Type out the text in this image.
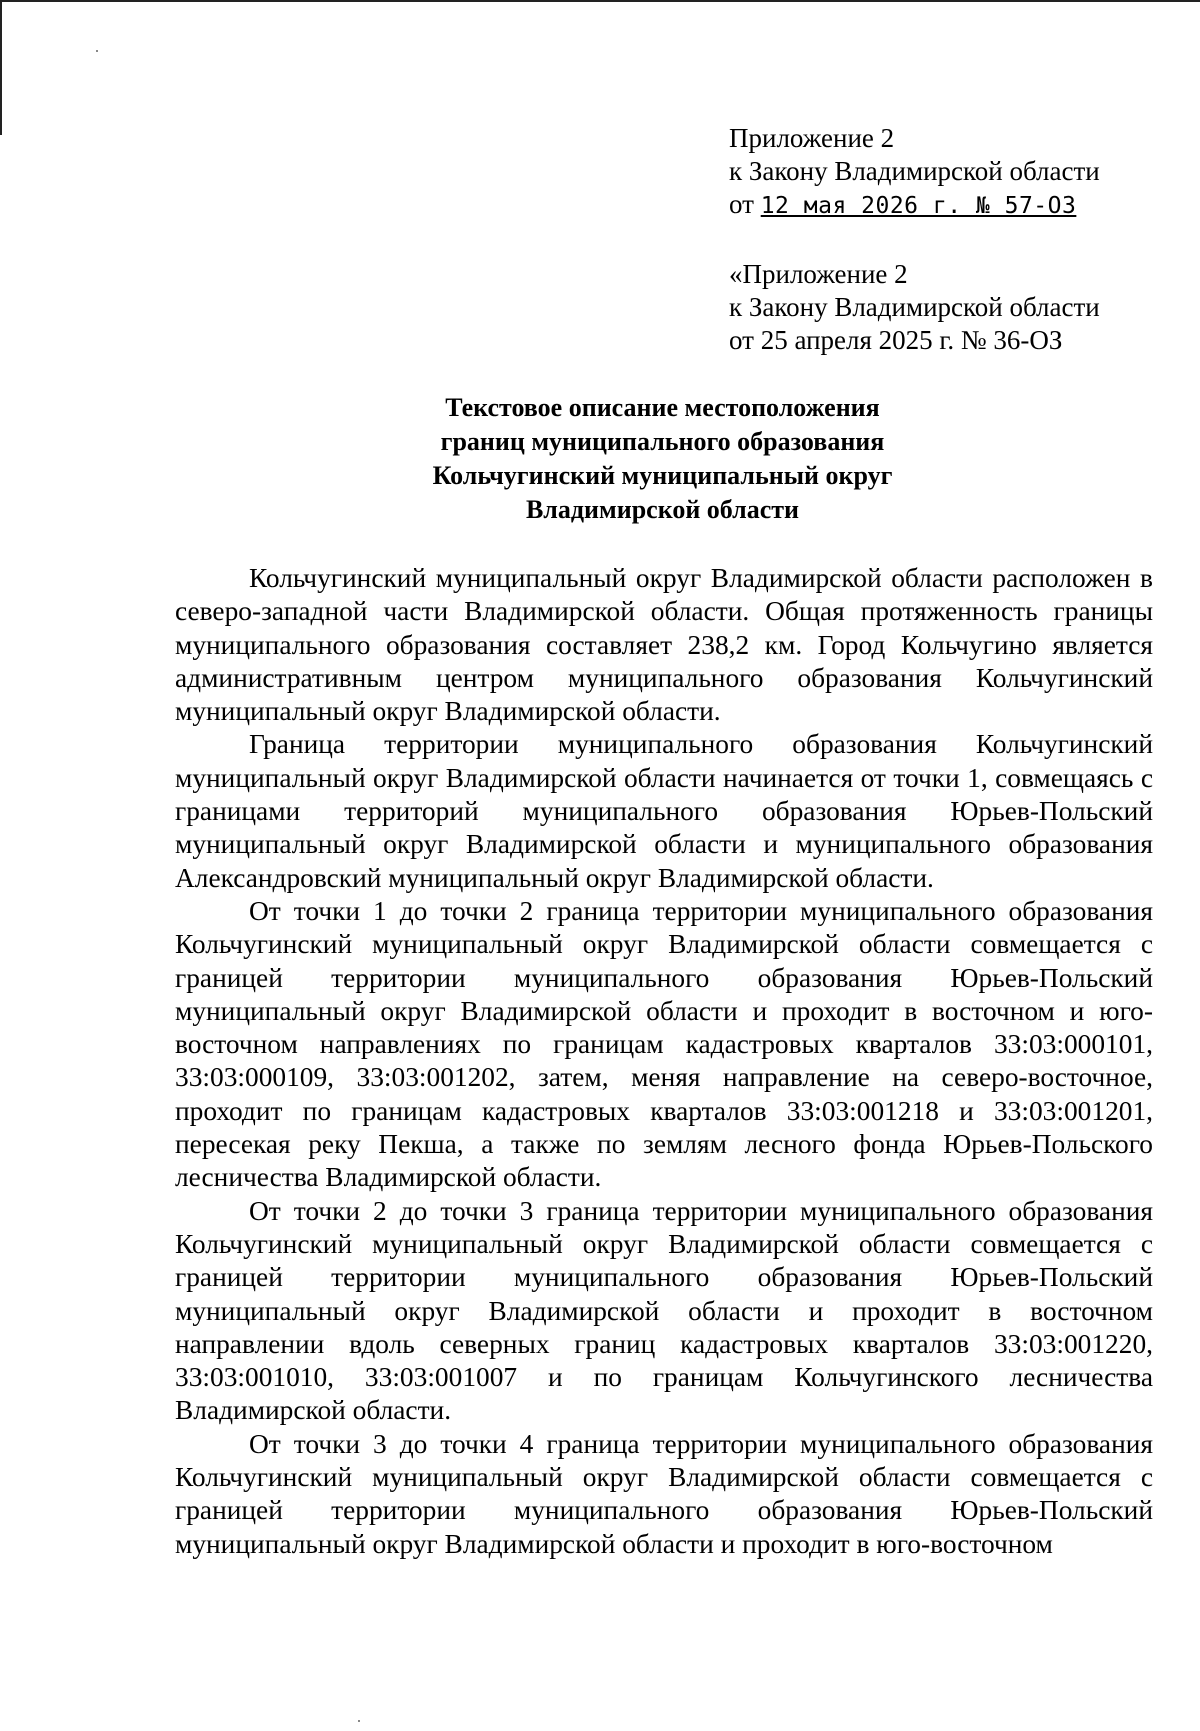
Приложение 2
к Закону Владимирской области
от 12 мая 2026 г. № 57-ОЗ
«Приложение 2
к Закону Владимирской области
от 25 апреля 2025 г. № 36-ОЗ
Текстовое описание местоположения
границ муниципального образования
Кольчугинский муниципальный округ
Владимирской области

Кольчугинский муниципальный округ Владимирской области расположен в северо-западной части Владимирской области. Общая протяженность границы муниципального образования составляет 238,2 км. Город Кольчугино является административным центром муниципального образования Кольчугинский муниципальный округ Владимирской области.

Граница территории муниципального образования Кольчугинский муниципальный округ Владимирской области начинается от точки 1, совмещаясь с границами территорий муниципального образования Юрьев-Польский муниципальный округ Владимирской области и муниципального образования Александровский муниципальный округ Владимирской области.

От точки 1 до точки 2 граница территории муниципального образования Кольчугинский муниципальный округ Владимирской области совмещается с границей территории муниципального образования Юрьев-Польский муниципальный округ Владимирской области и проходит в восточном и юго-восточном направлениях по границам кадастровых кварталов 33:03:000101, 33:03:000109, 33:03:001202, затем, меняя направление на северо-восточное, проходит по границам кадастровых кварталов 33:03:001218 и 33:03:001201, пересекая реку Пекша, а также по землям лесного фонда Юрьев-Польского лесничества Владимирской области.

От точки 2 до точки 3 граница территории муниципального образования Кольчугинский муниципальный округ Владимирской области совмещается с границей территории муниципального образования Юрьев-Польский муниципальный округ Владимирской области и проходит в восточном направлении вдоль северных границ кадастровых кварталов 33:03:001220, 33:03:001010, 33:03:001007 и по границам Кольчугинского лесничества Владимирской области.

От точки 3 до точки 4 граница территории муниципального образования Кольчугинский муниципальный округ Владимирской области совмещается с границей территории муниципального образования Юрьев-Польский муниципальный округ Владимирской области и проходит в юго-восточном
